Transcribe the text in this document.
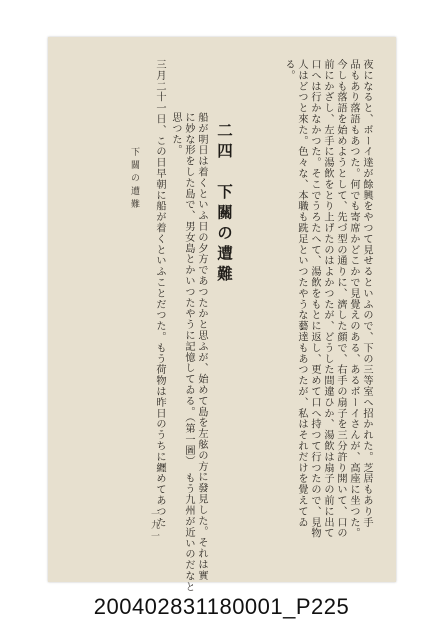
夜になると、ボーイ達が餘興をやつて見せるといふので、下の三等室へ招かれた。芝居もあり手
品もあり落語もあつた。何でも寄席かどこかで見覺えのある、あるボーイさんが、高座に坐つた。
今しも落語を始めようとして、先づ型の通りに、濟した顔で、右手の扇子を三分許り開いて、口の
前にかざし、左手に湯飲をとり上げたのはよかつたが、どうした間違ひか、湯飲は扇子の前に出て
口へは行かなかつた。そこでうろたへて、湯飲をもとに返し、更めて口へ持つて行つたので、見物
人はどつと來た。色々な、本職も跣足といつたやうな藝達もあつたが、私はそれだけを覺えてゐ
る。
二四　下關の遭難
船が明日は着くといふ日の夕方であつたかと思ふが、始めて島を左舷の方に發見した。それは實
に妙な形をした島で、男女島とかいつたやうに記憶してゐる。（第一圖）　もう九州が近いのだなと
思つた。
三月二十一日、この日早朝に船が着くといふことだつた。もう荷物は昨日のうちに纒めてあつた
下關の遭難
一九一
200402831180001_P225
